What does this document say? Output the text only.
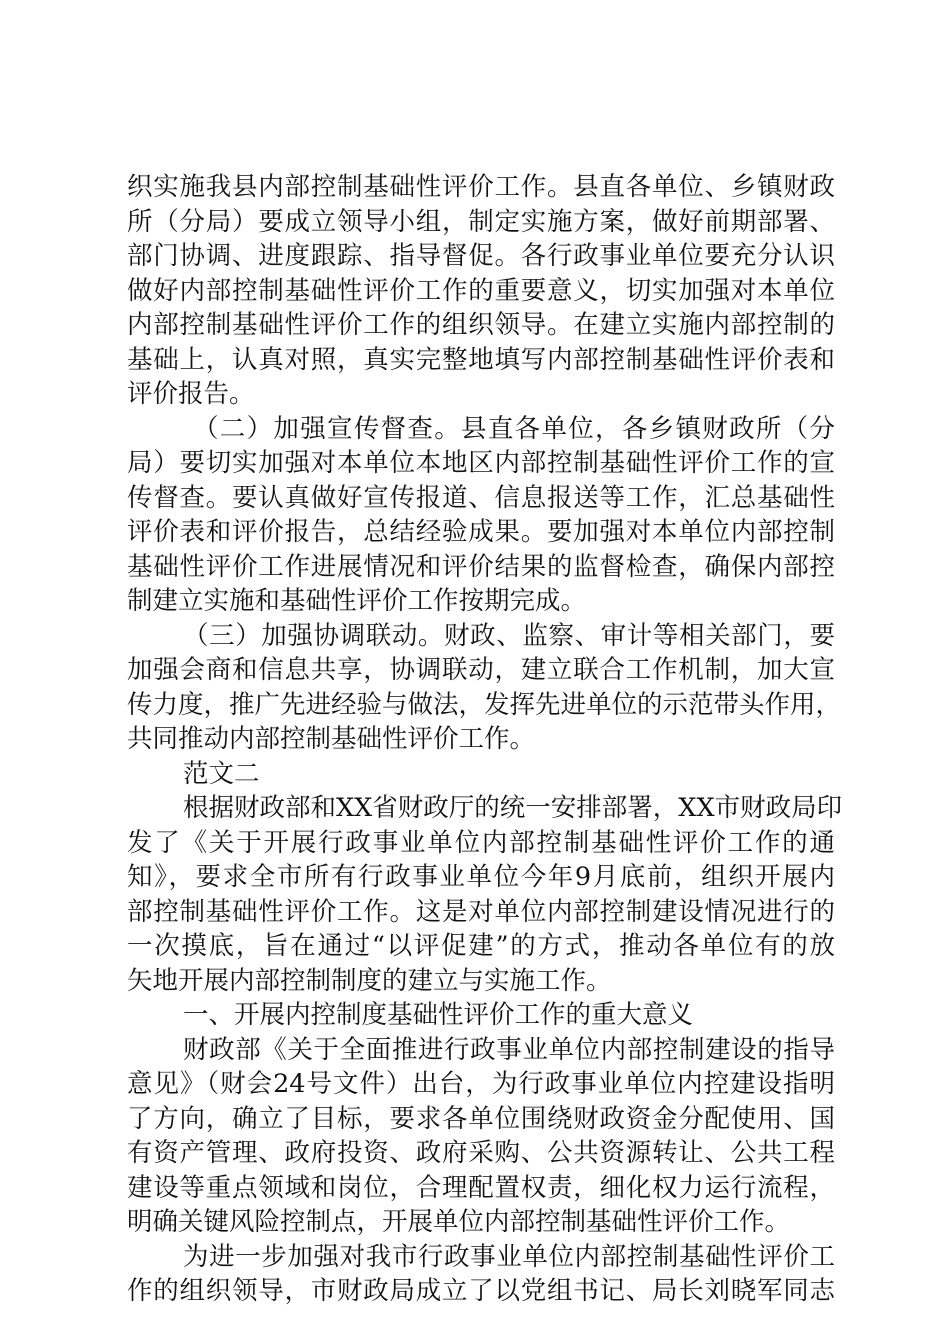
织实施我县内部控制基础性评价工作。县直各单位、乡镇财政
所（分局）要成立领导小组，制定实施方案，做好前期部署、
部门协调、进度跟踪、指导督促。各行政事业单位要充分认识
做好内部控制基础性评价工作的重要意义，切实加强对本单位
内部控制基础性评价工作的组织领导。在建立实施内部控制的
基础上，认真对照，真实完整地填写内部控制基础性评价表和
评价报告。
（二）加强宣传督查。县直各单位，各乡镇财政所（分
局）要切实加强对本单位本地区内部控制基础性评价工作的宣
传督查。要认真做好宣传报道、信息报送等工作，汇总基础性
评价表和评价报告，总结经验成果。要加强对本单位内部控制
基础性评价工作进展情况和评价结果的监督检查，确保内部控
制建立实施和基础性评价工作按期完成。
（三）加强协调联动。财政、监察、审计等相关部门，要
加强会商和信息共享，协调联动，建立联合工作机制，加大宣
传力度，推广先进经验与做法，发挥先进单位的示范带头作用，
共同推动内部控制基础性评价工作。
范文二
根据财政部和XX省财政厅的统一安排部署，XX市财政局印
发了《关于开展行政事业单位内部控制基础性评价工作的通
知》，要求全市所有行政事业单位今年9月底前，组织开展内
部控制基础性评价工作。这是对单位内部控制建设情况进行的
一次摸底，旨在通过“以评促建”的方式，推动各单位有的放
矢地开展内部控制制度的建立与实施工作。
一、开展内控制度基础性评价工作的重大意义
财政部《关于全面推进行政事业单位内部控制建设的指导
意见》（财会24号文件）出台，为行政事业单位内控建设指明
了方向，确立了目标，要求各单位围绕财政资金分配使用、国
有资产管理、政府投资、政府采购、公共资源转让、公共工程
建设等重点领域和岗位，合理配置权责，细化权力运行流程，
明确关键风险控制点，开展单位内部控制基础性评价工作。
为进一步加强对我市行政事业单位内部控制基础性评价工
作的组织领导，市财政局成立了以党组书记、局长刘晓军同志
